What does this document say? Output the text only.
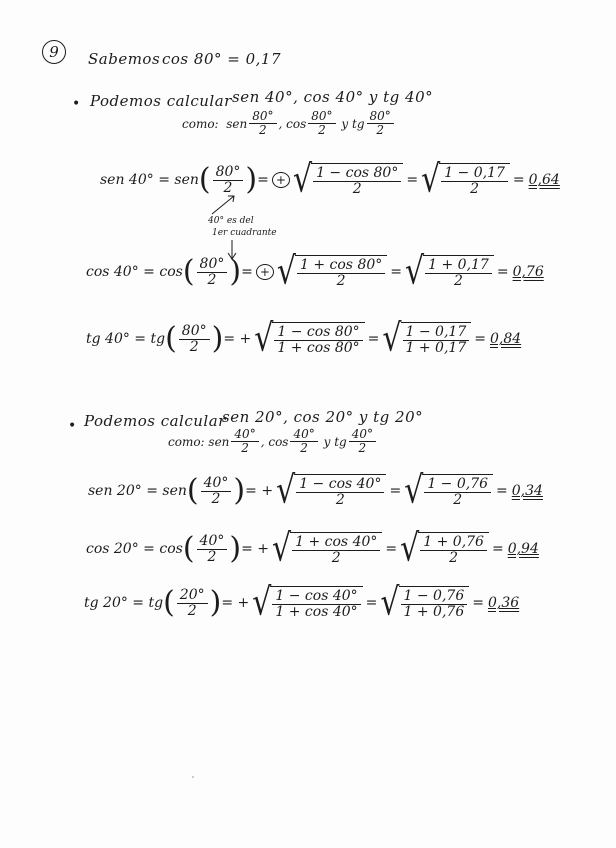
9	Sabemos cos 80° = 0,17
• Podemos calcular sen 40°, cos 40° y tg 40°
como:
sen $\frac{80^\circ}{2}$ ,
$\cos \frac{80^\circ}{2}$
y
tg $\frac{80^\circ}{2}$
sen 40° = sen ( $\frac{80^\circ}{2}$ ) = + √ $\frac{1 - \cos 80^\circ}{2}$ = √ $\frac{1 - 0,17}{2} = 0,64$
40° es del
1er cuadrante
cos 40° = cos ( $\frac{80^\circ}{2}$ ) = + √ $\frac{1 + \cos 80^\circ}{2}$ = √ $\frac{1 + 0,17}{2} = 0,76$
tg 40° = tg ( $\frac{80^\circ}{2}$ ) = + √ $\frac{1 - \cos 80^\circ}{1 + \cos 80^\circ}$ = √ $\frac{1 - 0,17}{1 + 0,17} = 0,84$
• Podemos calcular
sen 20°, cos 20° y tg 20°
como:
sen $\frac{40^\circ}{2}$ ,
$\cos \frac{40^\circ}{2}$
y
tg $\frac{40^\circ}{2}$
sen 20° = sen ( $\frac{40^\circ}{2}$ ) = + √ $\frac{1 - \cos 40^\circ}{2}$ = √ $\frac{1 - 0,76}{2} = 0,34$
cos 20° = cos ( $\frac{40^\circ}{2}$ ) = + √ $\frac{1 + \cos 40^\circ}{2}$ = √ $\frac{1 + 0,76}{2} = 0,94$
tg 20° = tg ( $\frac{20^\circ}{2}$ ) = + √ $\frac{1 - \cos 40^\circ}{1 + \cos 40^\circ}$ = √ $\frac{1 - 0,76}{1 + 0,76} = 0,36$
